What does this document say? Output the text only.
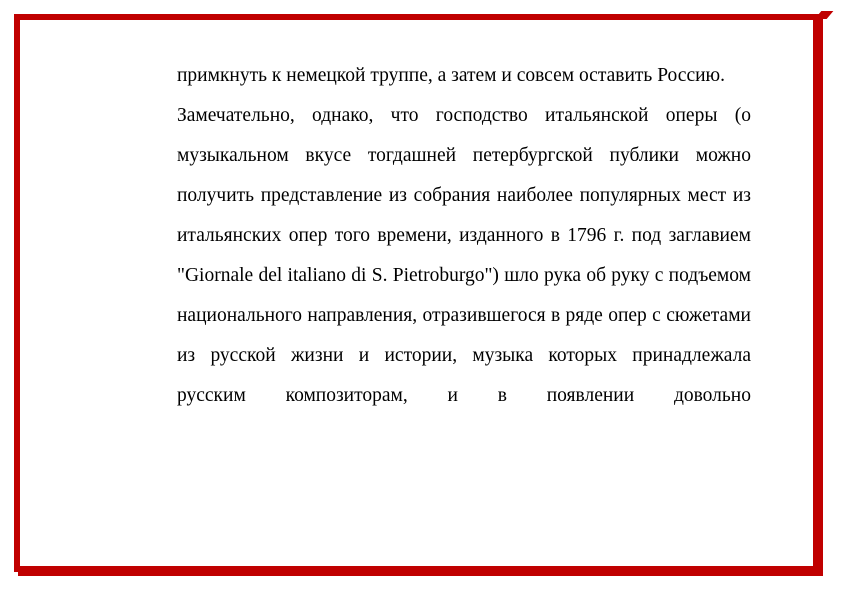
примкнуть к немецкой труппе, а затем и совсем оставить Россию.

Замечательно, однако, что господство итальянской оперы (о музыкальном вкусе тогдашней петербургской публики можно получить представление из собрания наиболее популярных мест из итальянских опер того времени, изданного в 1796 г. под заглавием "Giornale del italiano di S. Pietroburgo") шло рука об руку с подъемом национального направления, отразившегося в ряде опер с сюжетами из русской жизни и истории, музыка которых принадлежала русским композиторам, и в появлении довольно
